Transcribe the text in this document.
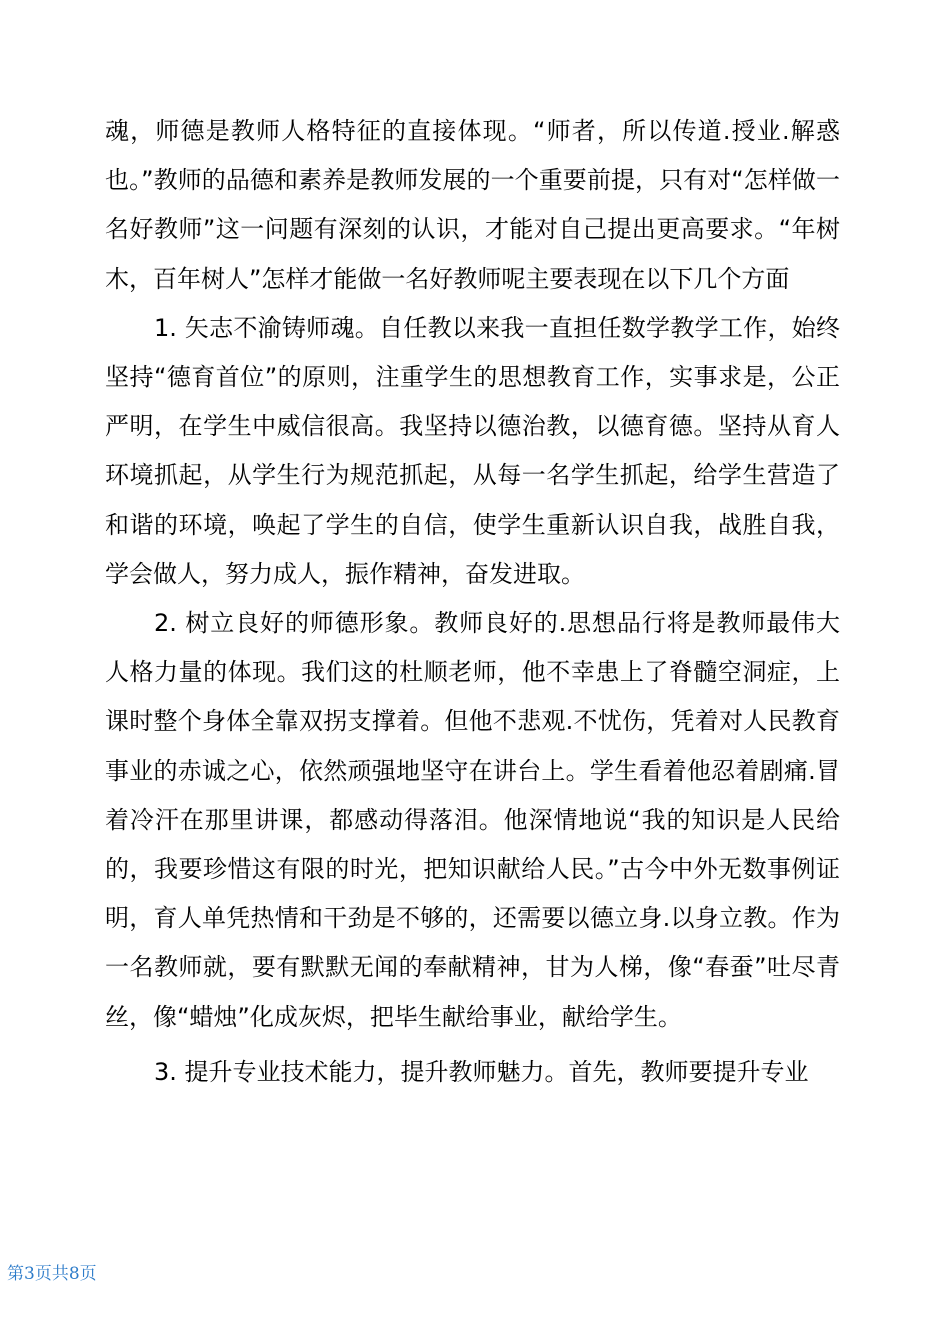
魂，师德是教师人格特征的直接体现。“师者，所以传道.授业.解惑也。”教师的品德和素养是教师发展的一个重要前提，只有对“怎样做一名好教师”这一问题有深刻的认识，才能对自己提出更高要求。“年树木，百年树人”怎样才能做一名好教师呢主要表现在以下几个方面

1. 矢志不渝铸师魂。自任教以来我一直担任数学教学工作，始终坚持“德育首位”的原则，注重学生的思想教育工作，实事求是，公正严明，在学生中威信很高。我坚持以德治教，以德育德。坚持从育人环境抓起，从学生行为规范抓起，从每一名学生抓起，给学生营造了和谐的环境，唤起了学生的自信，使学生重新认识自我，战胜自我，学会做人，努力成人，振作精神，奋发进取。

2. 树立良好的师德形象。教师良好的.思想品行将是教师最伟大人格力量的体现。我们这的杜顺老师，他不幸患上了脊髓空洞症，上课时整个身体全靠双拐支撑着。但他不悲观.不忧伤，凭着对人民教育事业的赤诚之心，依然顽强地坚守在讲台上。学生看着他忍着剧痛.冒着冷汗在那里讲课，都感动得落泪。他深情地说“我的知识是人民给的，我要珍惜这有限的时光，把知识献给人民。”古今中外无数事例证明，育人单凭热情和干劲是不够的，还需要以德立身.以身立教。作为一名教师就，要有默默无闻的奉献精神，甘为人梯，像“春蚕”吐尽青丝，像“蜡烛”化成灰烬，把毕生献给事业，献给学生。

3. 提升专业技术能力，提升教师魅力。首先，教师要提升专业

第3页共8页
